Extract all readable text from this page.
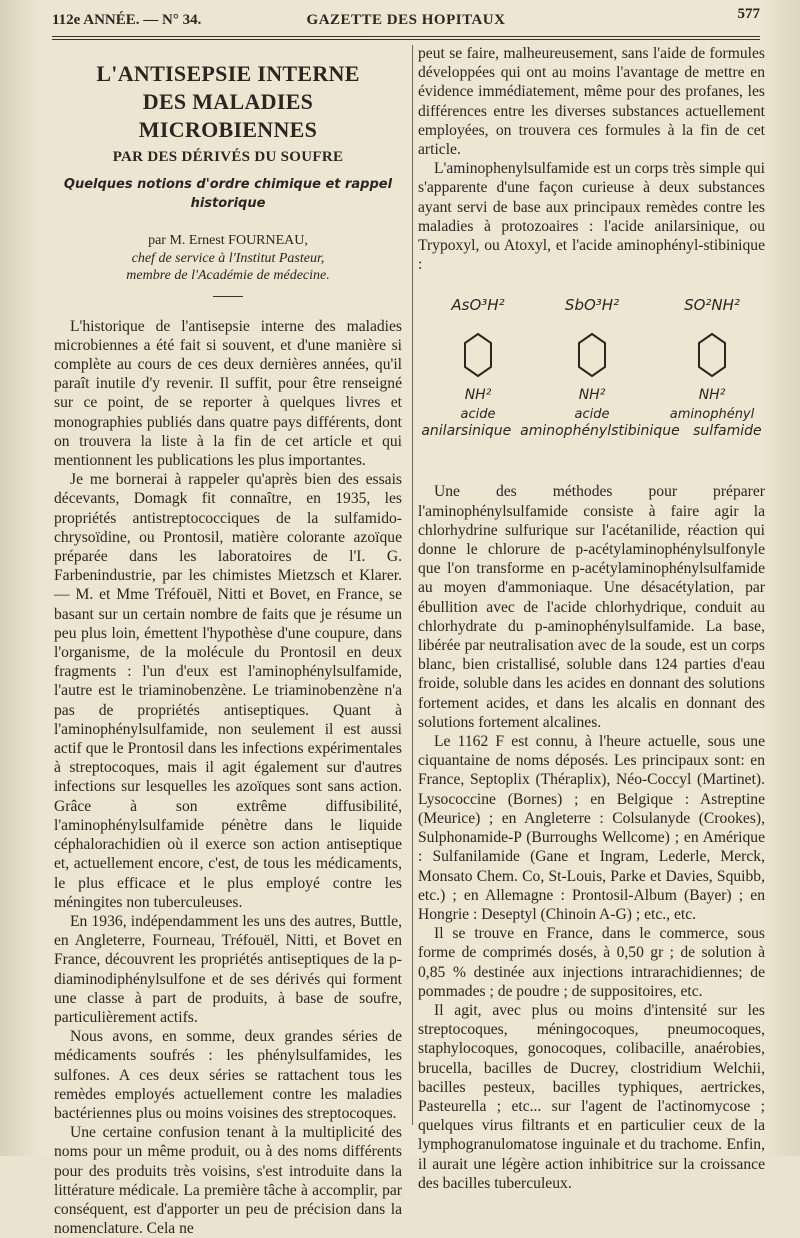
112e ANNÉE. — N° 34.	GAZETTE DES HOPITAUX	577
L'ANTISEPSIE INTERNE
DES MALADIES MICROBIENNES
PAR DES DÉRIVÉS DU SOUFRE
Quelques notions d'ordre chimique et rappel historique
par M. Ernest FOURNEAU,
chef de service à l'Institut Pasteur,
membre de l'Académie de médecine.

L'historique de l'antisepsie interne des maladies microbiennes a été fait si souvent, et d'une manière si complète au cours de ces deux dernières années, qu'il paraît inutile d'y revenir. Il suffit, pour être renseigné sur ce point, de se reporter à quelques livres et monographies publiés dans quatre pays différents, dont on trouvera la liste à la fin de cet article et qui mentionnent les publications les plus importantes.

Je me bornerai à rappeler qu'après bien des essais décevants, Domagk fit connaître, en 1935, les propriétés antistreptococciques de la sulfamido-chrysoïdine, ou Prontosil, matière colorante azoïque préparée dans les laboratoires de l'I. G. Farbenindustrie, par les chimistes Mietzsch et Klarer. — M. et Mme Tréfouël, Nitti et Bovet, en France, se basant sur un certain nombre de faits que je résume un peu plus loin, émettent l'hypothèse d'une coupure, dans l'organisme, de la molécule du Prontosil en deux fragments : l'un d'eux est l'aminophénylsulfamide, l'autre est le triaminobenzène. Le triaminobenzène n'a pas de propriétés antiseptiques. Quant à l'aminophénylsulfamide, non seulement il est aussi actif que le Prontosil dans les infections expérimentales à streptocoques, mais il agit également sur d'autres infections sur lesquelles les azoïques sont sans action. Grâce à son extrême diffusibilité, l'aminophénylsulfamide pénètre dans le liquide céphalorachidien où il exerce son action antiseptique et, actuellement encore, c'est, de tous les médicaments, le plus efficace et le plus employé contre les méningites non tuberculeuses.

En 1936, indépendamment les uns des autres, Buttle, en Angleterre, Fourneau, Tréfouël, Nitti, et Bovet en France, découvrent les propriétés antiseptiques de la p-diaminodiphénylsulfone et de ses dérivés qui forment une classe à part de produits, à base de soufre, particulièrement actifs.

Nous avons, en somme, deux grandes séries de médicaments soufrés : les phénylsulfamides, les sulfones. A ces deux séries se rattachent tous les remèdes employés actuellement contre les maladies bactériennes plus ou moins voisines des streptocoques.

Une certaine confusion tenant à la multiplicité des noms pour un même produit, ou à des noms différents pour des produits très voisins, s'est introduite dans la littérature médicale. La première tâche à accomplir, par conséquent, est d'apporter un peu de précision dans la nomenclature. Cela ne

peut se faire, malheureusement, sans l'aide de formules développées qui ont au moins l'avantage de mettre en évidence immédiatement, même pour des profanes, les différences entre les diverses substances actuellement employées, on trouvera ces formules à la fin de cet article.

L'aminophenylsulfamide est un corps très simple qui s'apparente d'une façon curieuse à deux substances ayant servi de base aux principaux remèdes contre les maladies à protozoaires : l'acide anilarsinique, ou Trypoxyl, ou Atoxyl, et l'acide aminophényl-stibinique :

AsO³H²
NH²
acide
SbO³H²
NH²
acide
SO²NH²
NH²
aminophényl
anilarsinique aminophénylstibinique sulfamide

Une des méthodes pour préparer l'aminophénylsulfamide consiste à faire agir la chlorhydrine sulfurique sur l'acétanilide, réaction qui donne le chlorure de p-acétylaminophénylsulfonyle que l'on transforme en p-acétylaminophénylsulfamide au moyen d'ammoniaque. Une désacétylation, par ébullition avec de l'acide chlorhydrique, conduit au chlorhydrate du p-aminophénylsulfamide. La base, libérée par neutralisation avec de la soude, est un corps blanc, bien cristallisé, soluble dans 124 parties d'eau froide, soluble dans les acides en donnant des solutions fortement acides, et dans les alcalis en donnant des solutions fortement alcalines.

Le 1162 F est connu, à l'heure actuelle, sous une ciquantaine de noms déposés. Les principaux sont: en France, Septoplix (Théraplix), Néo-Coccyl (Martinet). Lysococcine (Bornes) ; en Belgique : Astreptine (Meurice) ; en Angleterre : Colsulanyde (Crookes), Sulphonamide-P (Burroughs Wellcome) ; en Amérique : Sulfanilamide (Gane et Ingram, Lederle, Merck, Monsato Chem. Co, St-Louis, Parke et Davies, Squibb, etc.) ; en Allemagne : Prontosil-Album (Bayer) ; en Hongrie : Deseptyl (Chinoin A-G) ; etc., etc.

Il se trouve en France, dans le commerce, sous forme de comprimés dosés, à 0,50 gr ; de solution à 0,85 % destinée aux injections intrarachidiennes; de pommades ; de poudre ; de suppositoires, etc.

Il agit, avec plus ou moins d'intensité sur les streptocoques, méningocoques, pneumocoques, staphylocoques, gonocoques, colibacille, anaérobies, brucella, bacilles de Ducrey, clostridium Welchii, bacilles pesteux, bacilles typhiques, aertrickes, Pasteurella ; etc... sur l'agent de l'actinomycose ; quelques virus filtrants et en particulier ceux de la lymphogranulomatose inguinale et du trachome. Enfin, il aurait une légère action inhibitrice sur la croissance des bacilles tuberculeux.
